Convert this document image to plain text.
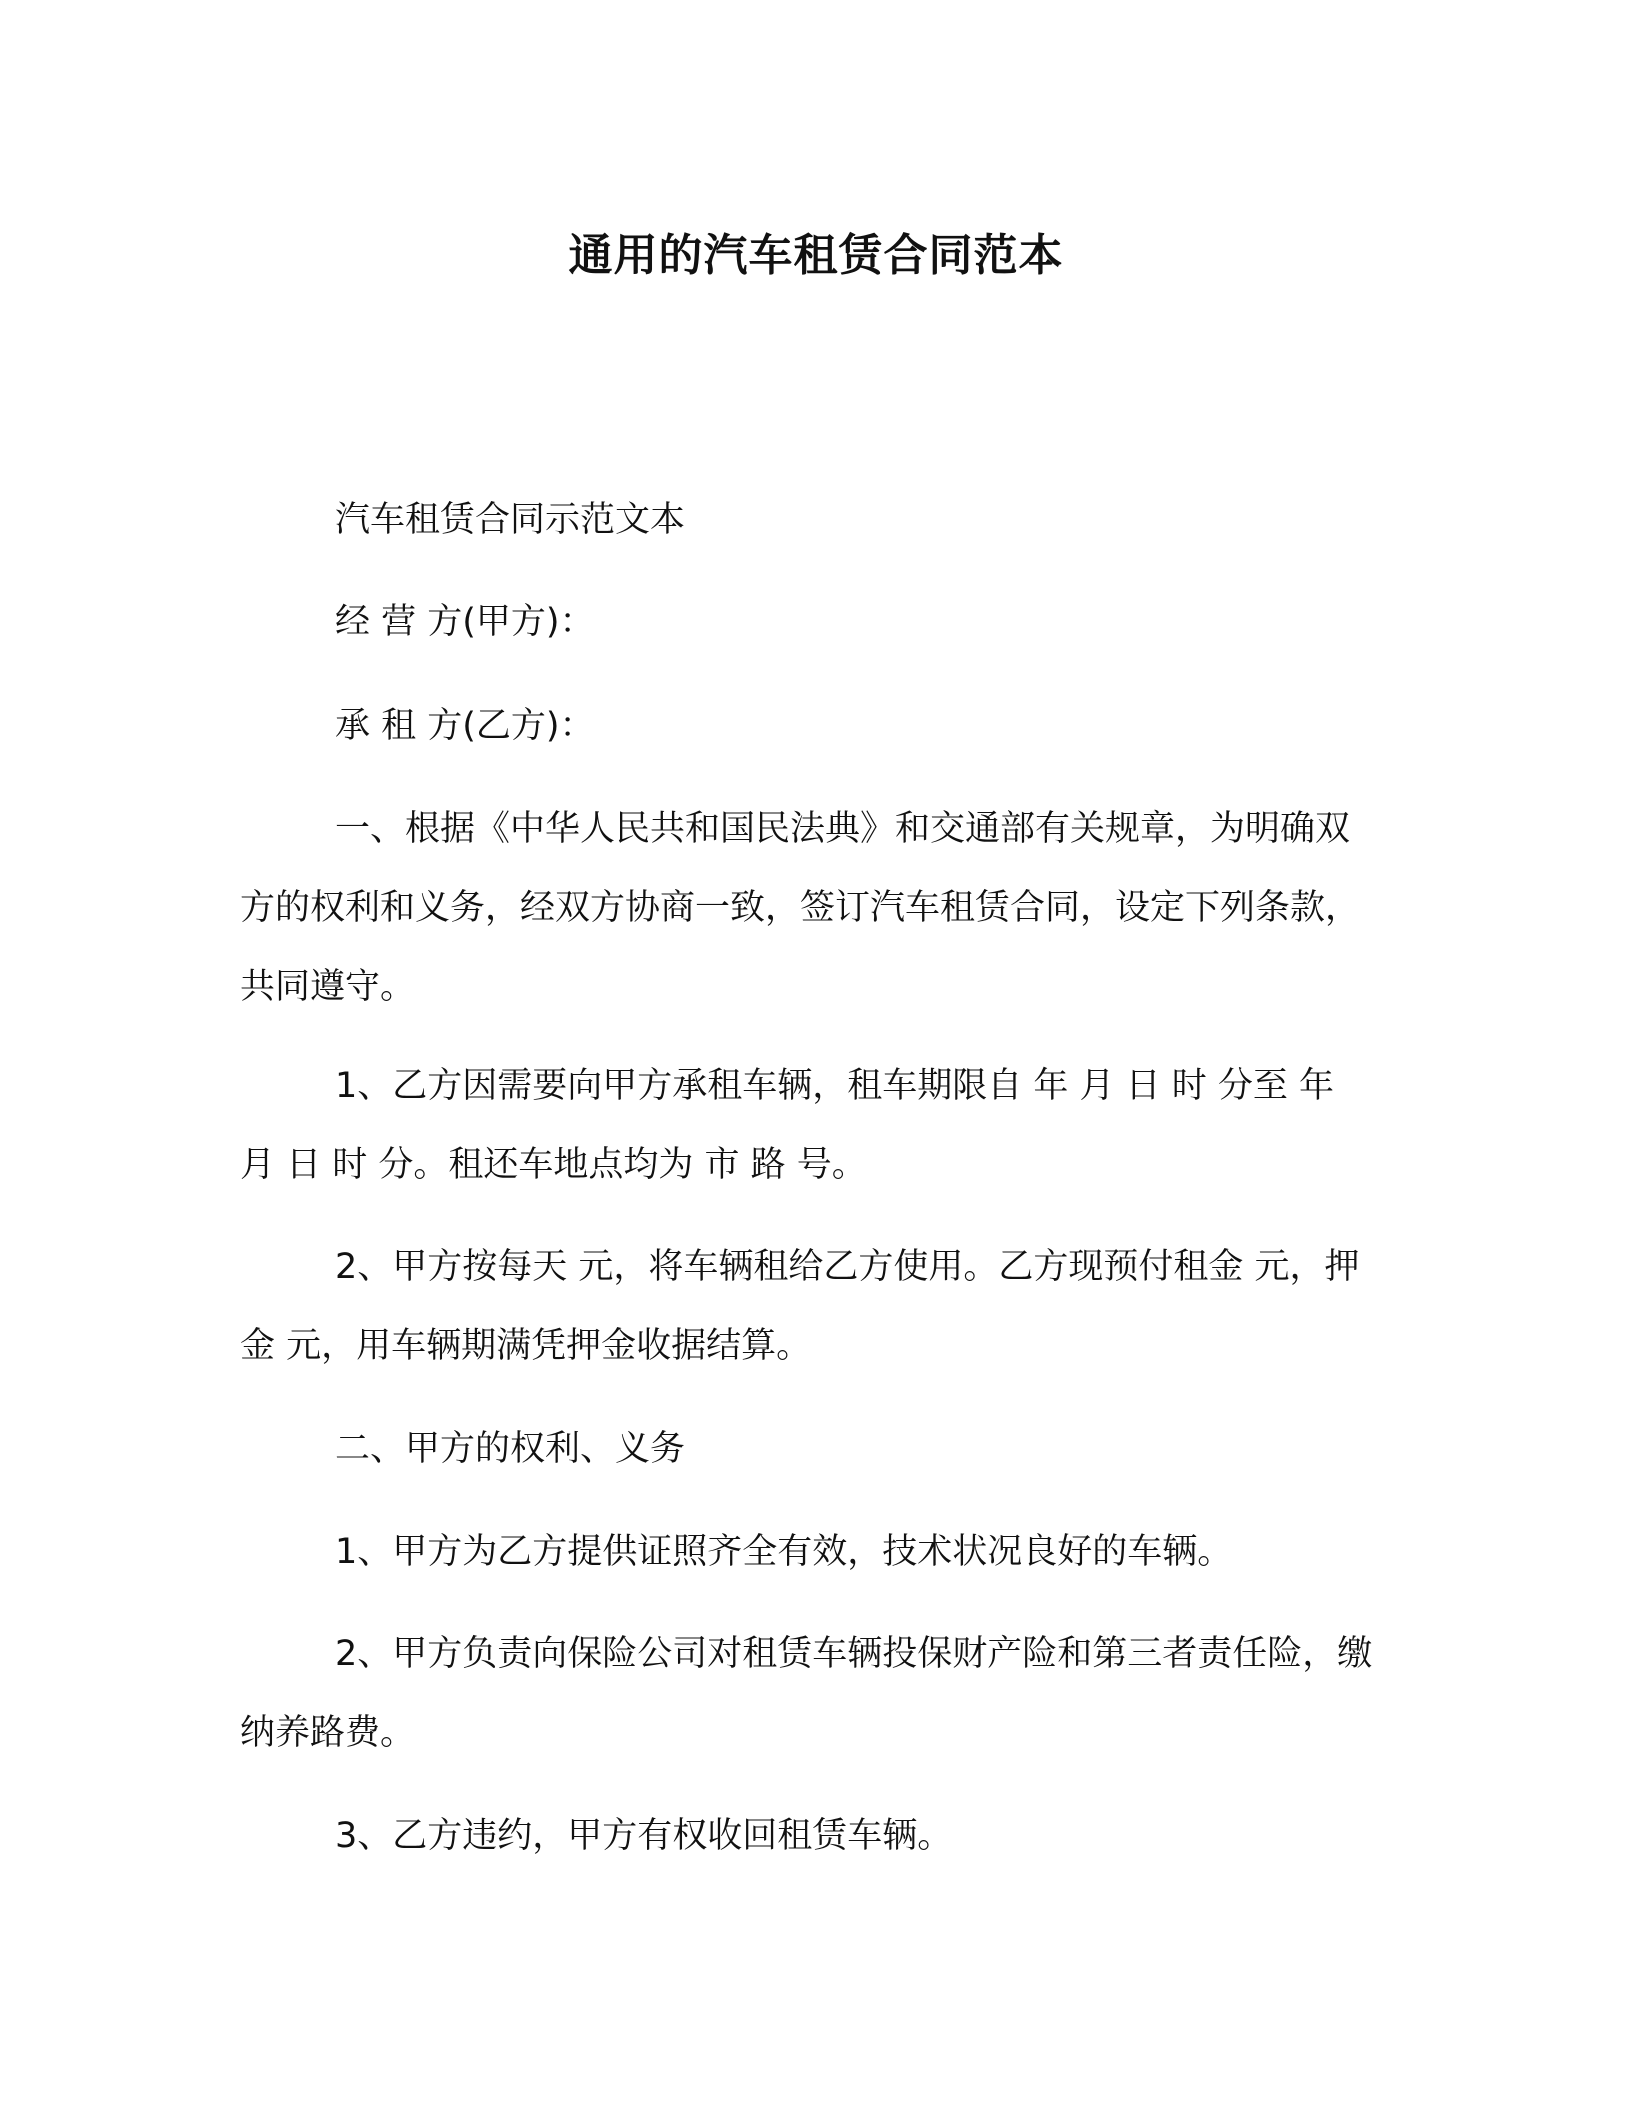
通用的汽车租赁合同范本
汽车租赁合同示范文本
经 营 方(甲方)：
承 租 方(乙方)：
一、根据《中华人民共和国民法典》和交通部有关规章，为明确双方的权利和义务，经双方协商一致，签订汽车租赁合同，设定下列条款，共同遵守。
1、乙方因需要向甲方承租车辆，租车期限自 年 月 日 时 分至 年 月 日 时 分。租还车地点均为 市 路 号。
2、甲方按每天 元，将车辆租给乙方使用。乙方现预付租金 元，押金 元，用车辆期满凭押金收据结算。
二、甲方的权利、义务
1、甲方为乙方提供证照齐全有效，技术状况良好的车辆。
2、甲方负责向保险公司对租赁车辆投保财产险和第三者责任险，缴纳养路费。
3、乙方违约，甲方有权收回租赁车辆。
